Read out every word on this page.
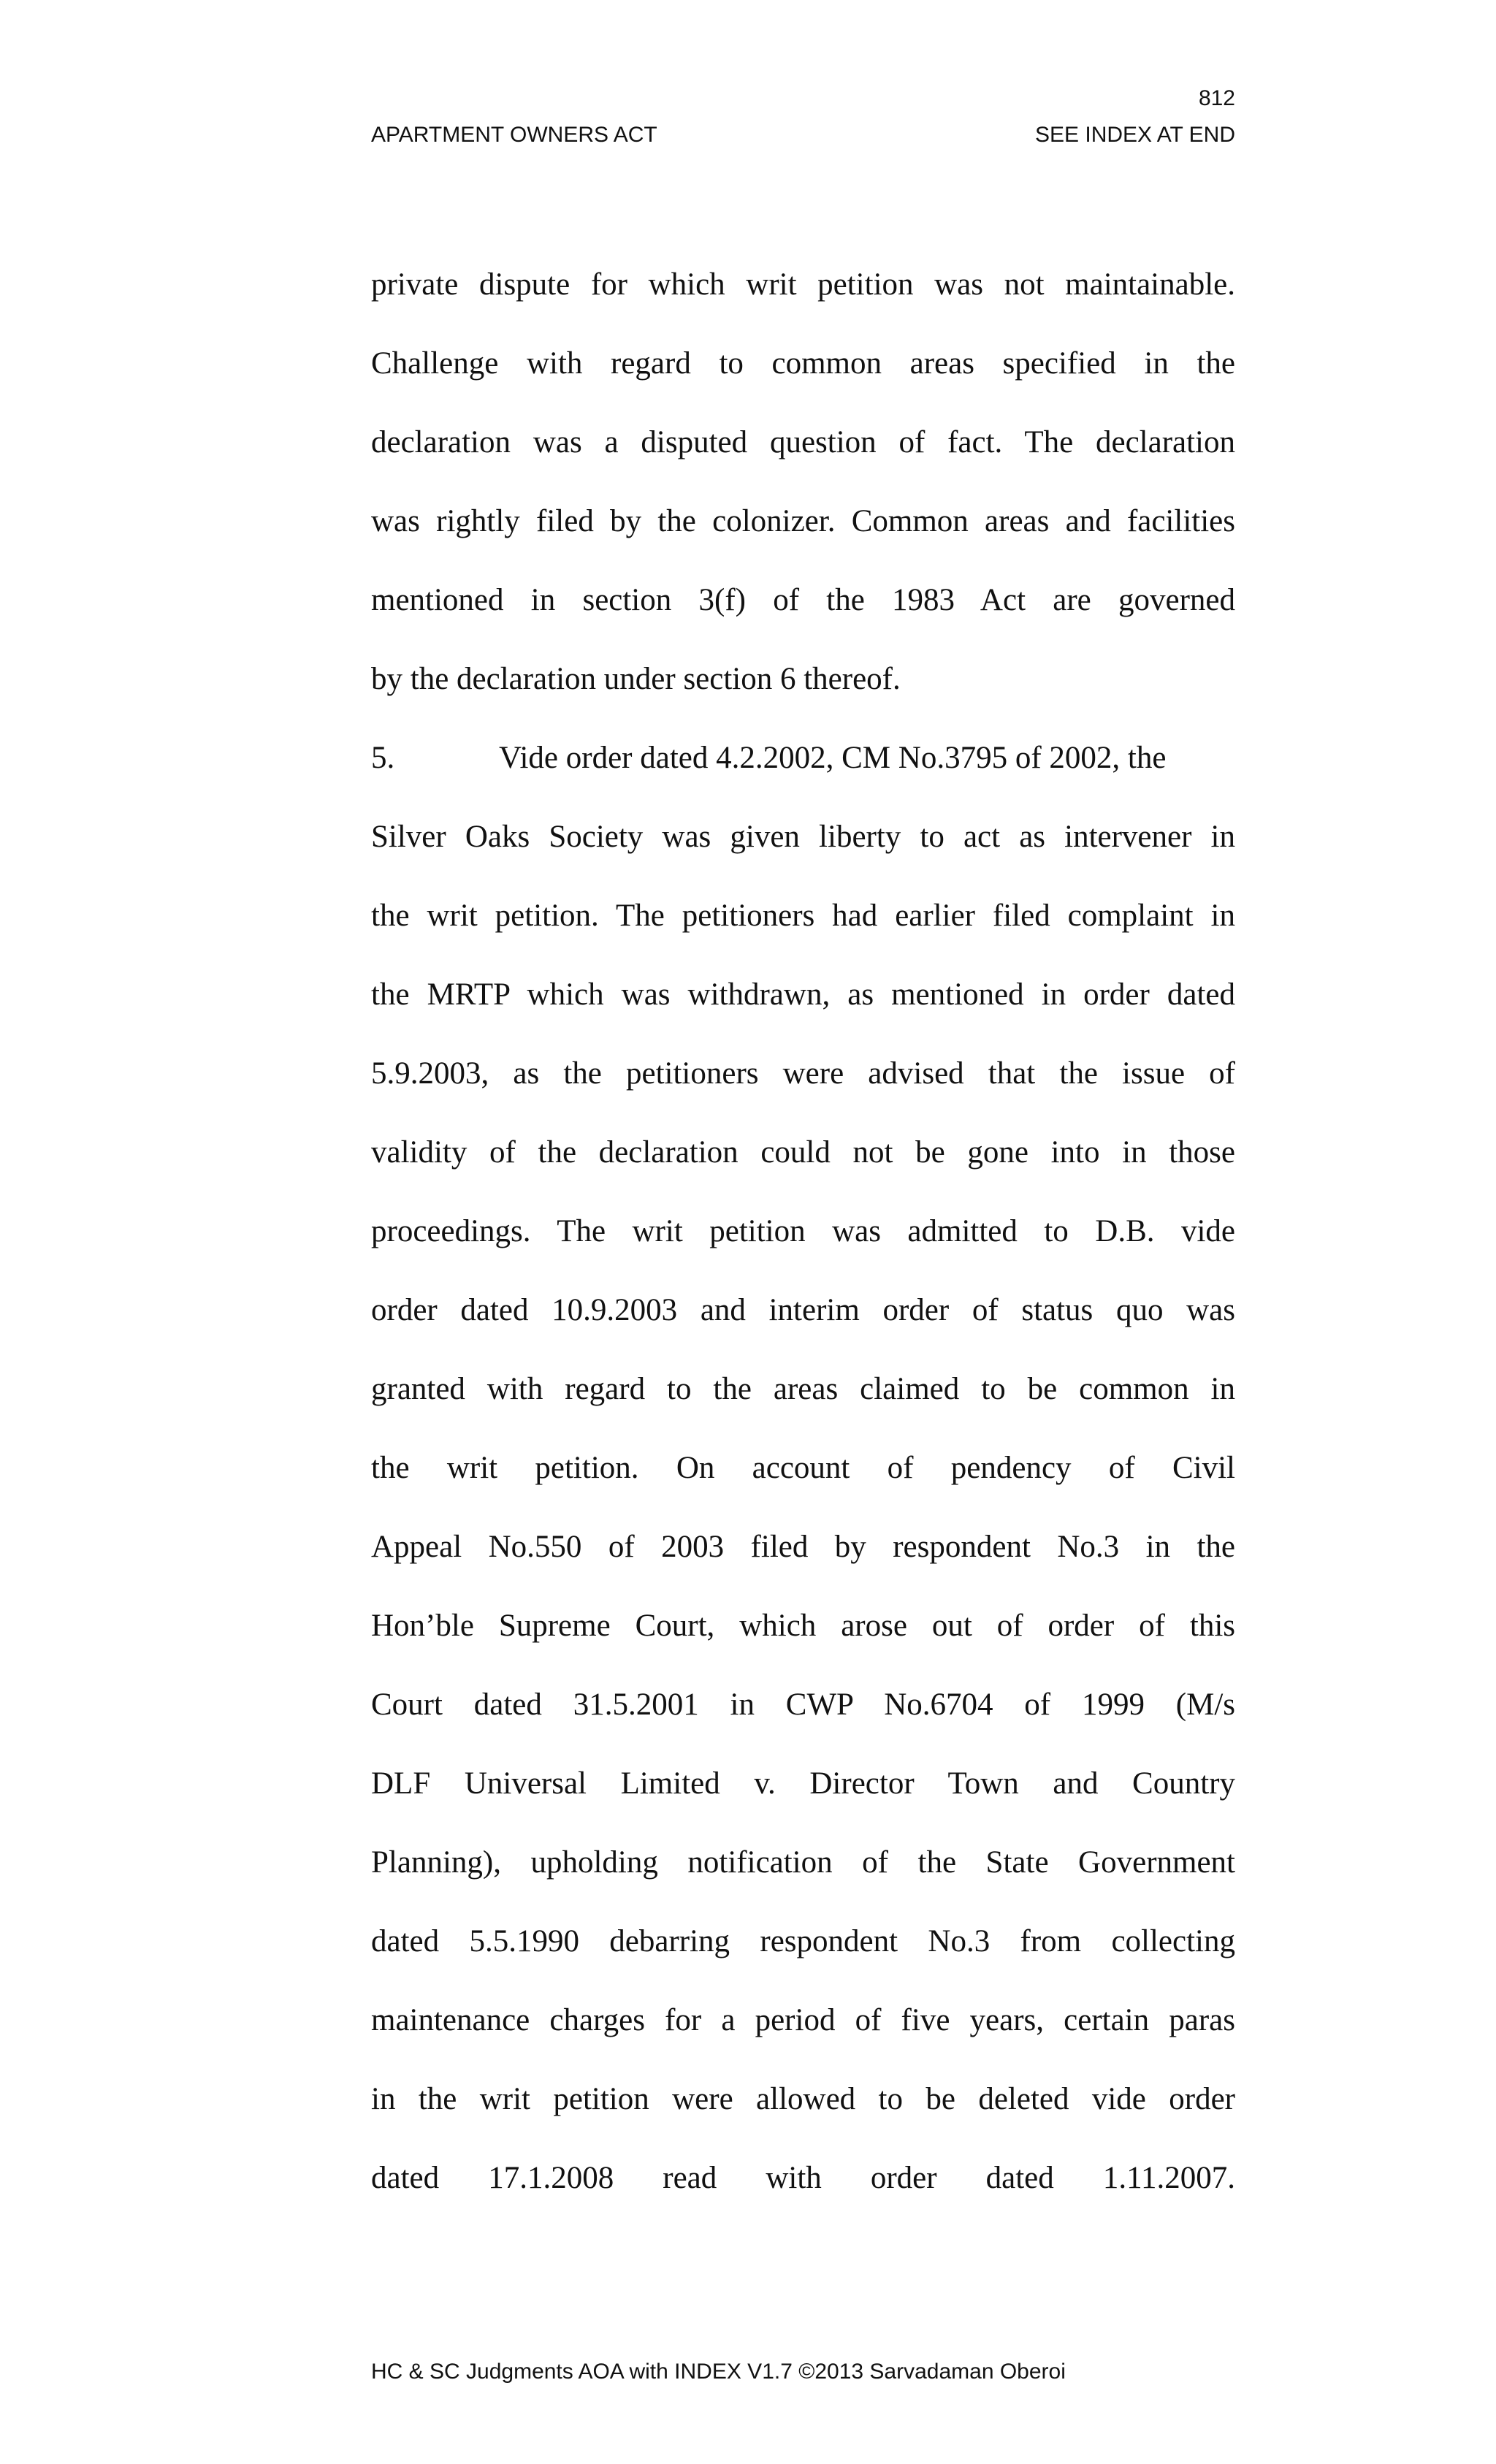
812
APARTMENT OWNERS ACT	SEE INDEX AT END
private dispute for which writ petition was not maintainable.
Challenge with regard to common areas specified in the
declaration was a disputed question of fact. The declaration
was rightly filed by the colonizer. Common areas and facilities
mentioned in section 3(f) of the 1983 Act are governed
by the declaration under section 6 thereof.
5.	Vide order dated 4.2.2002, CM No.3795 of 2002, the
Silver Oaks Society was given liberty to act as intervener in
the writ petition. The petitioners had earlier filed complaint in
the MRTP which was withdrawn, as mentioned in order dated
5.9.2003, as the petitioners were advised that the issue of
validity of the declaration could not be gone into in those
proceedings. The writ petition was admitted to D.B. vide
order dated 10.9.2003 and interim order of status quo was
granted with regard to the areas claimed to be common in
the writ petition. On account of pendency of Civil
Appeal No.550 of 2003 filed by respondent No.3 in the
Hon’ble Supreme Court, which arose out of order of this
Court dated 31.5.2001 in CWP No.6704 of 1999 (M/s
DLF Universal Limited v. Director Town and Country
Planning), upholding notification of the State Government
dated 5.5.1990 debarring respondent No.3 from collecting
maintenance charges for a period of five years, certain paras
in the writ petition were allowed to be deleted vide order
dated 17.1.2008 read with order dated 1.11.2007.
HC & SC Judgments AOA with INDEX V1.7 ©2013 Sarvadaman Oberoi
